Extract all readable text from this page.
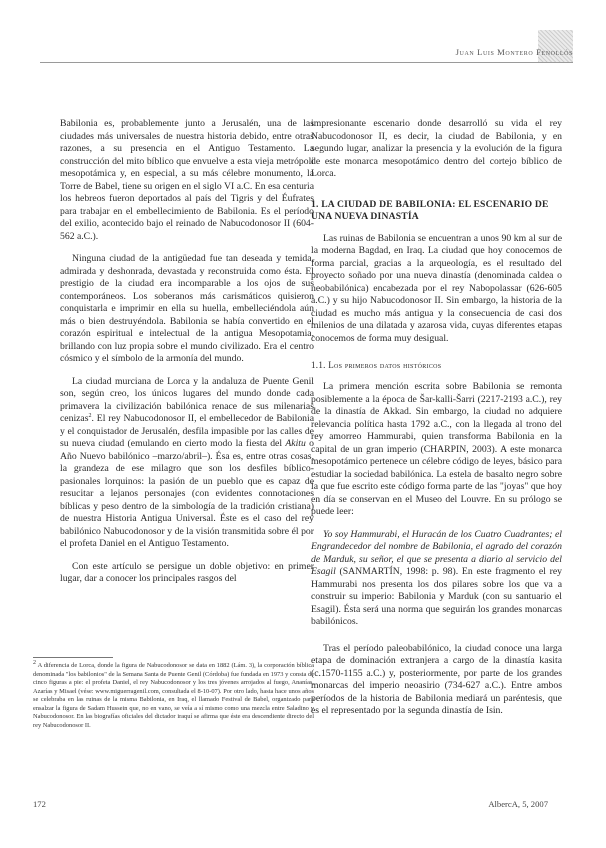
Juan Luis Montero Fenollós

Babilonia es, probablemente junto a Jerusalén, una de las ciudades más universales de nuestra historia debido, entre otras razones, a su presencia en el Antiguo Testamento. La construcción del mito bíblico que envuelve a esta vieja metrópoli mesopotámica y, en especial, a su más célebre monumento, la Torre de Babel, tiene su origen en el siglo VI a.C. En esa centuria los hebreos fueron deportados al país del Tigris y del Éufrates para trabajar en el embellecimiento de Babilonia. Es el período del exilio, acontecido bajo el reinado de Nabucodonosor II (604-562 a.C.).

Ninguna ciudad de la antigüedad fue tan deseada y temida, admirada y deshonrada, devastada y reconstruida como ésta. El prestigio de la ciudad era incomparable a los ojos de sus contemporáneos. Los soberanos más carismáticos quisieron conquistarla e imprimir en ella su huella, embelleciéndola aún más o bien destruyéndola. Babilonia se había convertido en el corazón espiritual e intelectual de la antigua Mesopotamia, brillando con luz propia sobre el mundo civilizado. Era el centro cósmico y el símbolo de la armonía del mundo.

La ciudad murciana de Lorca y la andaluza de Puente Genil son, según creo, los únicos lugares del mundo donde cada primavera la civilización babilónica renace de sus milenarias cenizas$^2$. El rey Nabucodonosor II, el embellecedor de Babilonia y el conquistador de Jerusalén, desfila impasible por las calles de su nueva ciudad (emulando en cierto modo la fiesta del Akitu o Año Nuevo babilónico –marzo/abril–). Ésa es, entre otras cosas, la grandeza de ese milagro que son los desfiles bíblico-pasionales lorquinos: la pasión de un pueblo que es capaz de resucitar a lejanos personajes (con evidentes connotaciones bíblicas y peso dentro de la simbología de la tradición cristiana) de nuestra Historia Antigua Universal. Éste es el caso del rey babilónico Nabucodonosor y de la visión transmitida sobre él por el profeta Daniel en el Antiguo Testamento.

Con este artículo se persigue un doble objetivo: en primer lugar, dar a conocer los principales rasgos del

2 A diferencia de Lorca, donde la figura de Nabucodonosor se data en 1882 (Lám. 3), la corporación bíblica denominada "los babilonios" de la Semana Santa de Puente Genil (Córdoba) fue fundada en 1973 y consta de cinco figuras a pie: el profeta Daniel, el rey Nabucodonosor y los tres jóvenes arrojados al fuego, Ananías, Azarías y Misael (vése: www.miguerragenil.com, consultada el 8-10-07). Por otro lado, hasta hace unos años se celebraba en las ruinas de la misma Babilonia, en Iraq, el llamado Festival de Babel, organizado para ensalzar la figura de Sadam Hussein que, no en vano, se veía a sí mismo como una mezcla entre Saladino y Nabucodonosor. En las biografías oficiales del dictador iraquí se afirma que éste era descendiente directo del rey Nabucodonosor II.

impresionante escenario donde desarrolló su vida el rey Nabucodonosor II, es decir, la ciudad de Babilonia, y en segundo lugar, analizar la presencia y la evolución de la figura de este monarca mesopotámico dentro del cortejo bíblico de Lorca.

1. LA CIUDAD DE BABILONIA: EL ESCENARIO DE UNA NUEVA DINASTÍA

Las ruinas de Babilonia se encuentran a unos 90 km al sur de la moderna Bagdad, en Iraq. La ciudad que hoy conocemos de forma parcial, gracias a la arqueología, es el resultado del proyecto soñado por una nueva dinastía (denominada caldea o neobabilónica) encabezada por el rey Nabopolassar (626-605 a.C.) y su hijo Nabucodonosor II. Sin embargo, la historia de la ciudad es mucho más antigua y la consecuencia de casi dos milenios de una dilatada y azarosa vida, cuyas diferentes etapas conocemos de forma muy desigual.

1.1. Los primeros datos históricos

La primera mención escrita sobre Babilonia se remonta posiblemente a la época de Šar-kalli-Šarri (2217-2193 a.C.), rey de la dinastía de Akkad. Sin embargo, la ciudad no adquiere relevancia política hasta 1792 a.C., con la llegada al trono del rey amorreo Hammurabi, quien transforma Babilonia en la capital de un gran imperio (CHARPIN, 2003). A este monarca mesopotámico pertenece un célebre código de leyes, básico para estudiar la sociedad babilónica. La estela de basalto negro sobre la que fue escrito este código forma parte de las "joyas" que hoy en día se conservan en el Museo del Louvre. En su prólogo se puede leer:

Yo soy Hammurabi, el Huracán de los Cuatro Cuadrantes; el Engrandecedor del nombre de Babilonia, el agrado del corazón de Marduk, su señor, el que se presenta a diario al servicio del Esagil (SANMARTÍN, 1998: p. 98). En este fragmento el rey Hammurabi nos presenta los dos pilares sobre los que va a construir su imperio: Babilonia y Marduk (con su santuario el Esagil). Ésta será una norma que seguirán los grandes monarcas babilónicos.

Tras el período paleobabilónico, la ciudad conoce una larga etapa de dominación extranjera a cargo de la dinastía kasita (c.1570-1155 a.C.) y, posteriormente, por parte de los grandes monarcas del imperio neoasirio (734-627 a.C.). Entre ambos períodos de la historia de Babilonia mediará un paréntesis, que es el representado por la segunda dinastía de Isin.

172	AlbercA, 5, 2007
